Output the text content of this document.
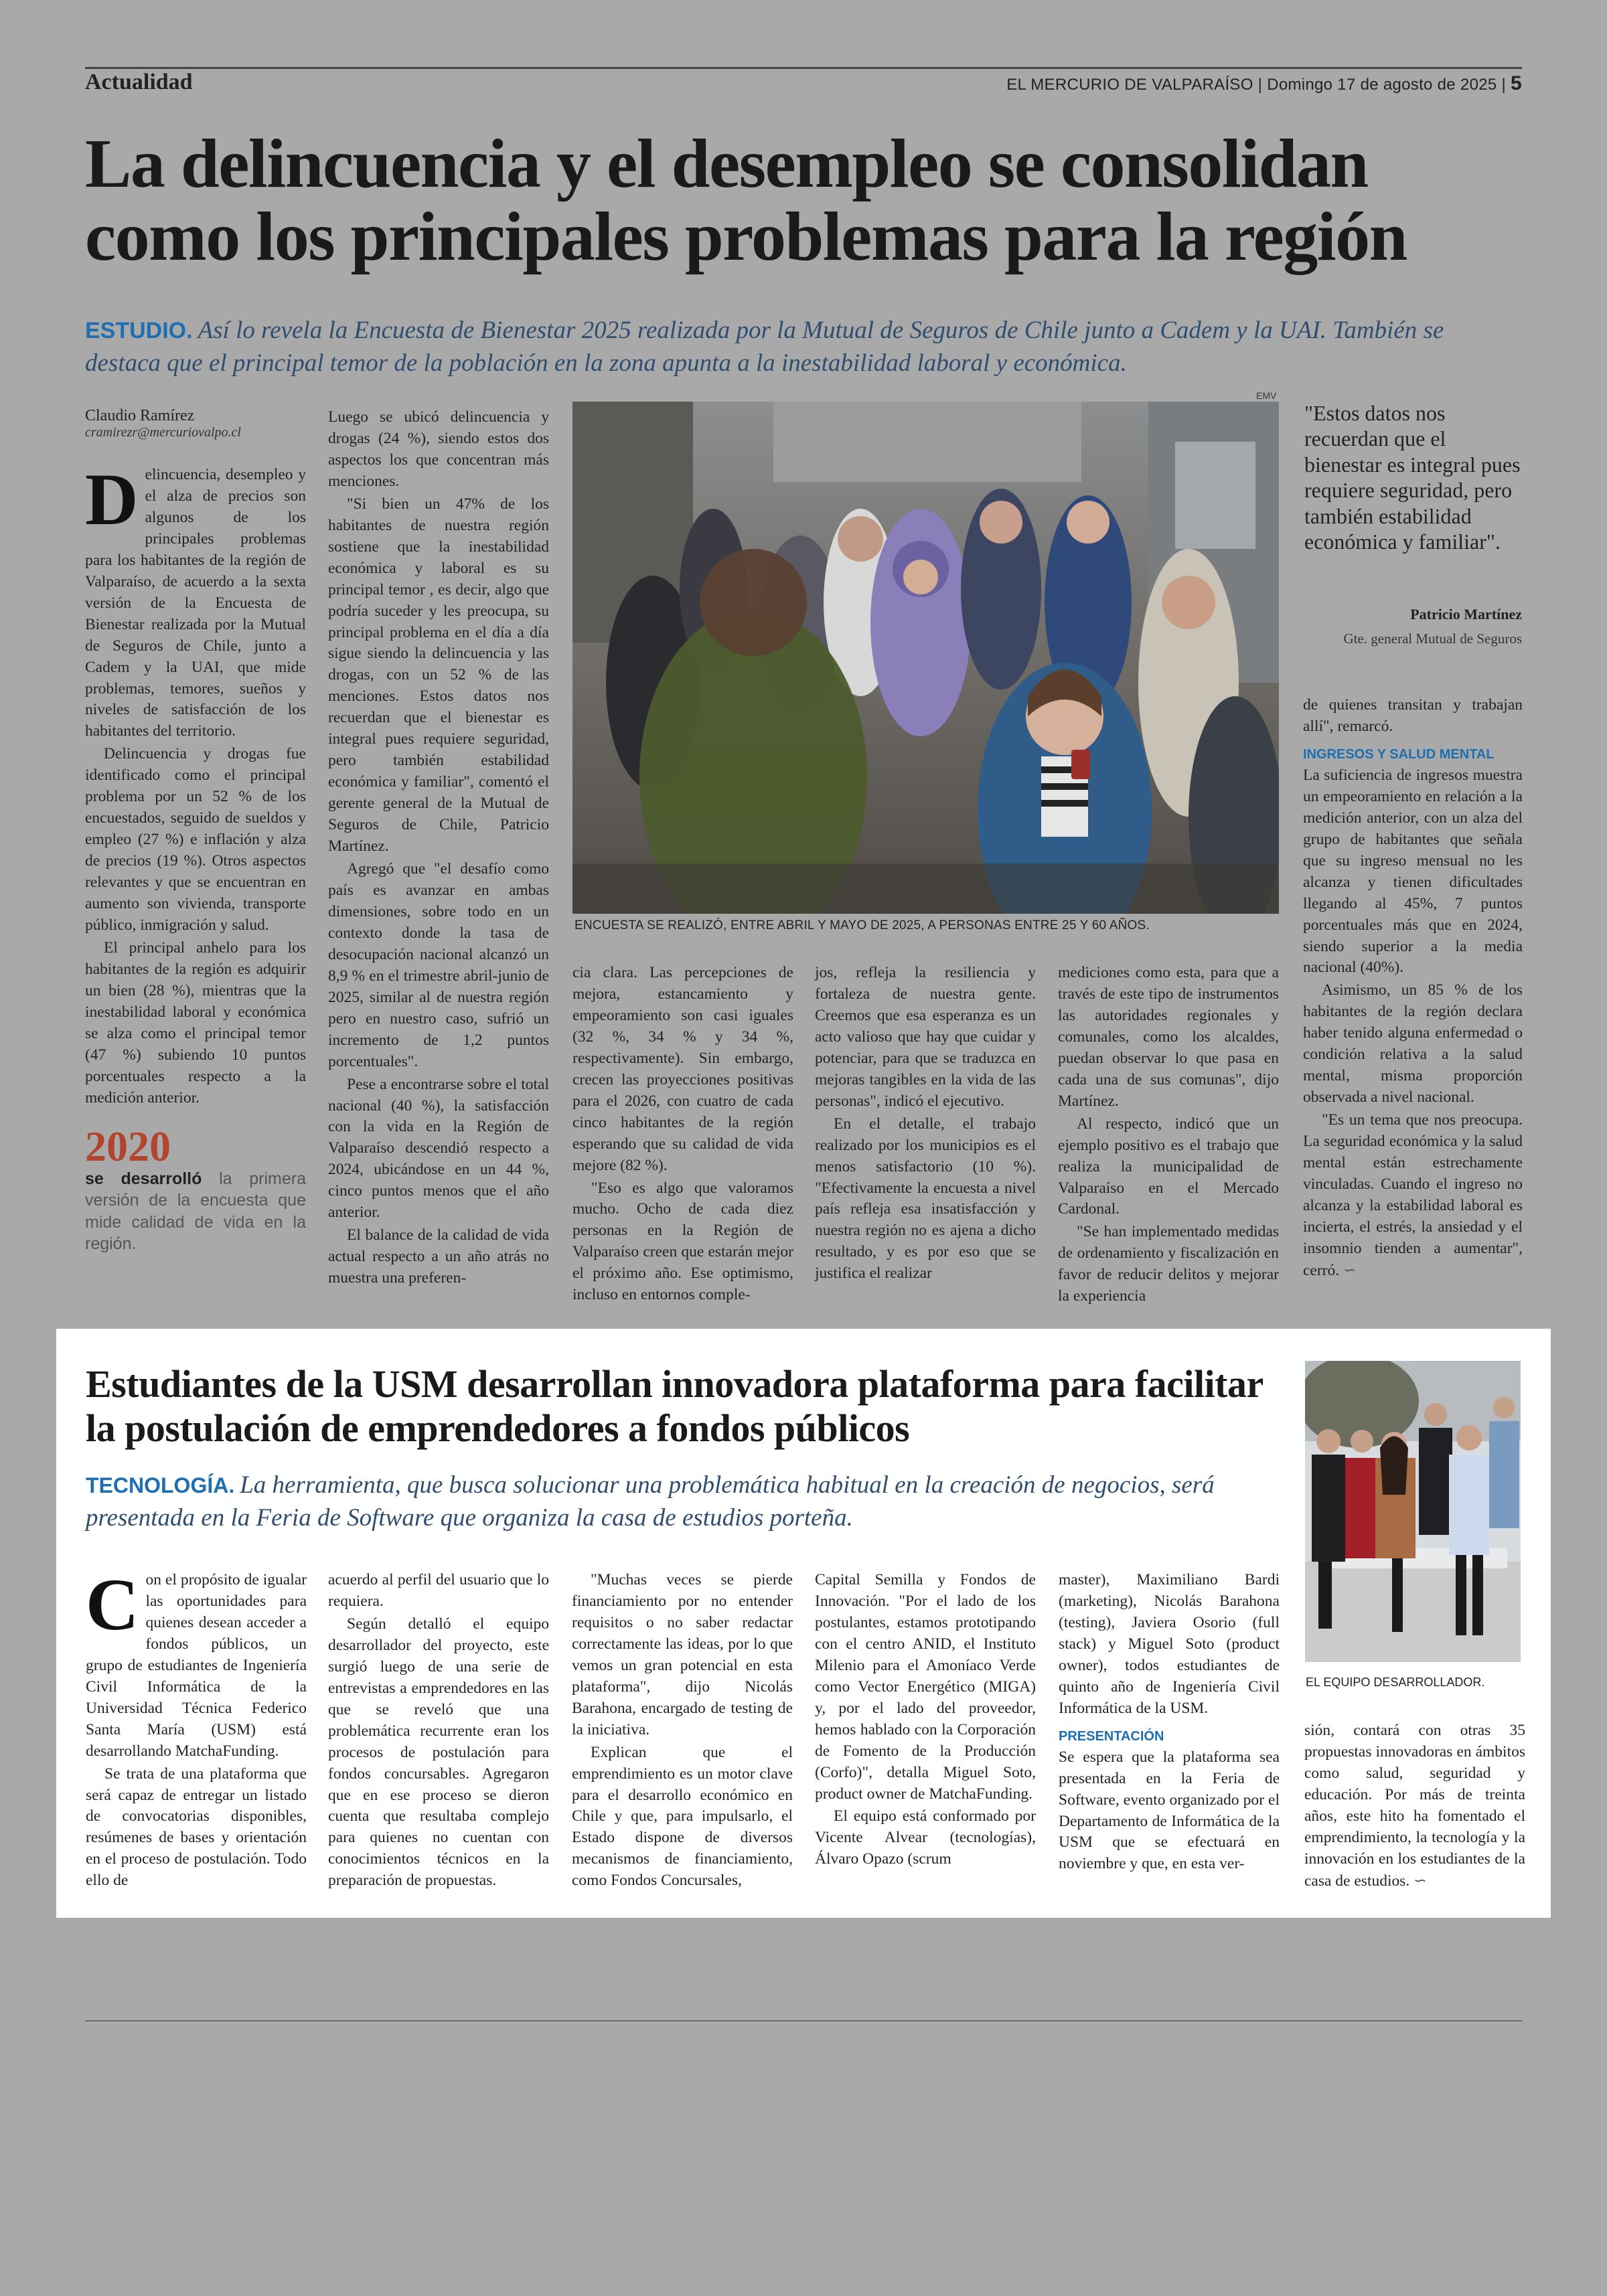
Actualidad	EL MERCURIO DE VALPARAÍSO | Domingo 17 de agosto de 2025 | 5
La delincuencia y el desempleo se consolidan como los principales problemas para la región
ESTUDIO. Así lo revela la Encuesta de Bienestar 2025 realizada por la Mutual de Seguros de Chile junto a Cadem y la UAI. También se destaca que el principal temor de la población en la zona apunta a la inestabilidad laboral y económica.
Claudio Ramírez
cramirezr@mercuriovalpo.cl

Delincuencia, desempleo y el alza de precios son algunos de los principales problemas para los habitantes de la región de Valparaíso, de acuerdo a la sexta versión de la Encuesta de Bienestar realizada por la Mutual de Seguros de Chile, junto a Cadem y la UAI, que mide problemas, temores, sueños y niveles de satisfacción de los habitantes del territorio.

Delincuencia y drogas fue identificado como el principal problema por un 52 % de los encuestados, seguido de sueldos y empleo (27 %) e inflación y alza de precios (19 %). Otros aspectos relevantes y que se encuentran en aumento son vivienda, transporte público, inmigración y salud.

El principal anhelo para los habitantes de la región es adquirir un bien (28 %), mientras que la inestabilidad laboral y económica se alza como el principal temor (47 %) subiendo 10 puntos porcentuales respecto a la medición anterior.

2020
se desarrolló la primera versión de la encuesta que mide calidad de vida en la región.

Luego se ubicó delincuencia y drogas (24 %), siendo estos dos aspectos los que concentran más menciones.

"Si bien un 47% de los habitantes de nuestra región sostiene que la inestabilidad económica y laboral es su principal temor , es decir, algo que podría suceder y les preocupa, su principal problema en el día a día sigue siendo la delincuencia y las drogas, con un 52 % de las menciones. Estos datos nos recuerdan que el bienestar es integral pues requiere seguridad, pero también estabilidad económica y familiar", comentó el gerente general de la Mutual de Seguros de Chile, Patricio Martínez.

Agregó que "el desafío como país es avanzar en ambas dimensiones, sobre todo en un contexto donde la tasa de desocupación nacional alcanzó un 8,9 % en el trimestre abril-junio de 2025, similar al de nuestra región pero en nuestro caso, sufrió un incremento de 1,2 puntos porcentuales".

Pese a encontrarse sobre el total nacional (40 %), la satisfacción con la vida en la Región de Valparaíso descendió respecto a 2024, ubicándose en un 44 %, cinco puntos menos que el año anterior.

El balance de la calidad de vida actual respecto a un año atrás no muestra una preferen-

EMV
ENCUESTA SE REALIZÓ, ENTRE ABRIL Y MAYO DE 2025, A PERSONAS ENTRE 25 Y 60 AÑOS.
"Estos datos nos recuerdan que el bienestar es integral pues requiere seguridad, pero también estabilidad económica y familiar".
Patricio Martínez
Gte. general Mutual de Seguros

cia clara. Las percepciones de mejora, estancamiento y empeoramiento son casi iguales (32 %, 34 % y 34 %, respectivamente). Sin embargo, crecen las proyecciones positivas para el 2026, con cuatro de cada cinco habitantes de la región esperando que su calidad de vida mejore (82 %).

"Eso es algo que valoramos mucho. Ocho de cada diez personas en la Región de Valparaíso creen que estarán mejor el próximo año. Ese optimismo, incluso en entornos comple-

jos, refleja la resiliencia y fortaleza de nuestra gente. Creemos que esa esperanza es un acto valioso que hay que cuidar y potenciar, para que se traduzca en mejoras tangibles en la vida de las personas", indicó el ejecutivo.

En el detalle, el trabajo realizado por los municipios es el menos satisfactorio (10 %). "Efectivamente la encuesta a nivel país refleja esa insatisfacción y nuestra región no es ajena a dicho resultado, y es por eso que se justifica el realizar

mediciones como esta, para que a través de este tipo de instrumentos las autoridades regionales y comunales, como los alcaldes, puedan observar lo que pasa en cada una de sus comunas", dijo Martínez.

Al respecto, indicó que un ejemplo positivo es el trabajo que realiza la municipalidad de Valparaíso en el Mercado Cardonal.

"Se han implementado medidas de ordenamiento y fiscalización en favor de reducir delitos y mejorar la experiencia

de quienes transitan y trabajan allí", remarcó.

INGRESOS Y SALUD MENTAL

La suficiencia de ingresos muestra un empeoramiento en relación a la medición anterior, con un alza del grupo de habitantes que señala que su ingreso mensual no les alcanza y tienen dificultades llegando al 45%, 7 puntos porcentuales más que en 2024, siendo superior a la media nacional (40%).

Asimismo, un 85 % de los habitantes de la región declara haber tenido alguna enfermedad o condición relativa a la salud mental, misma proporción observada a nivel nacional.

"Es un tema que nos preocupa. La seguridad económica y la salud mental están estrechamente vinculadas. Cuando el ingreso no alcanza y la estabilidad laboral es incierta, el estrés, la ansiedad y el insomnio tienden a aumentar", cerró. ∽

Estudiantes de la USM desarrollan innovadora plataforma para facilitar la postulación de emprendedores a fondos públicos
TECNOLOGÍA. La herramienta, que busca solucionar una problemática habitual en la creación de negocios, será presentada en la Feria de Software que organiza la casa de estudios porteña.
EL EQUIPO DESARROLLADOR.

Con el propósito de igualar las oportunidades para quienes desean acceder a fondos públicos, un grupo de estudiantes de Ingeniería Civil Informática de la Universidad Técnica Federico Santa María (USM) está desarrollando MatchaFunding.

Se trata de una plataforma que será capaz de entregar un listado de convocatorias disponibles, resúmenes de bases y orientación en el proceso de postulación. Todo ello de

acuerdo al perfil del usuario que lo requiera.

Según detalló el equipo desarrollador del proyecto, este surgió luego de una serie de entrevistas a emprendedores en las que se reveló que una problemática recurrente eran los procesos de postulación para fondos concursables. Agregaron que en ese proceso se dieron cuenta que resultaba complejo para quienes no cuentan con conocimientos técnicos en la preparación de propuestas.

"Muchas veces se pierde financiamiento por no entender requisitos o no saber redactar correctamente las ideas, por lo que vemos un gran potencial en esta plataforma", dijo Nicolás Barahona, encargado de testing de la iniciativa.

Explican que el emprendimiento es un motor clave para el desarrollo económico en Chile y que, para impulsarlo, el Estado dispone de diversos mecanismos de financiamiento, como Fondos Concursales,

Capital Semilla y Fondos de Innovación. "Por el lado de los postulantes, estamos prototipando con el centro ANID, el Instituto Milenio para el Amoníaco Verde como Vector Energético (MIGA) y, por el lado del proveedor, hemos hablado con la Corporación de Fomento de la Producción (Corfo)", detalla Miguel Soto, product owner de MatchaFunding.

El equipo está conformado por Vicente Alvear (tecnologías), Álvaro Opazo (scrum

master), Maximiliano Bardi (marketing), Nicolás Barahona (testing), Javiera Osorio (full stack) y Miguel Soto (product owner), todos estudiantes de quinto año de Ingeniería Civil Informática de la USM.

PRESENTACIÓN

Se espera que la plataforma sea presentada en la Feria de Software, evento organizado por el Departamento de Informática de la USM que se efectuará en noviembre y que, en esta ver-

sión, contará con otras 35 propuestas innovadoras en ámbitos como salud, seguridad y educación. Por más de treinta años, este hito ha fomentado el emprendimiento, la tecnología y la innovación en los estudiantes de la casa de estudios. ∽
